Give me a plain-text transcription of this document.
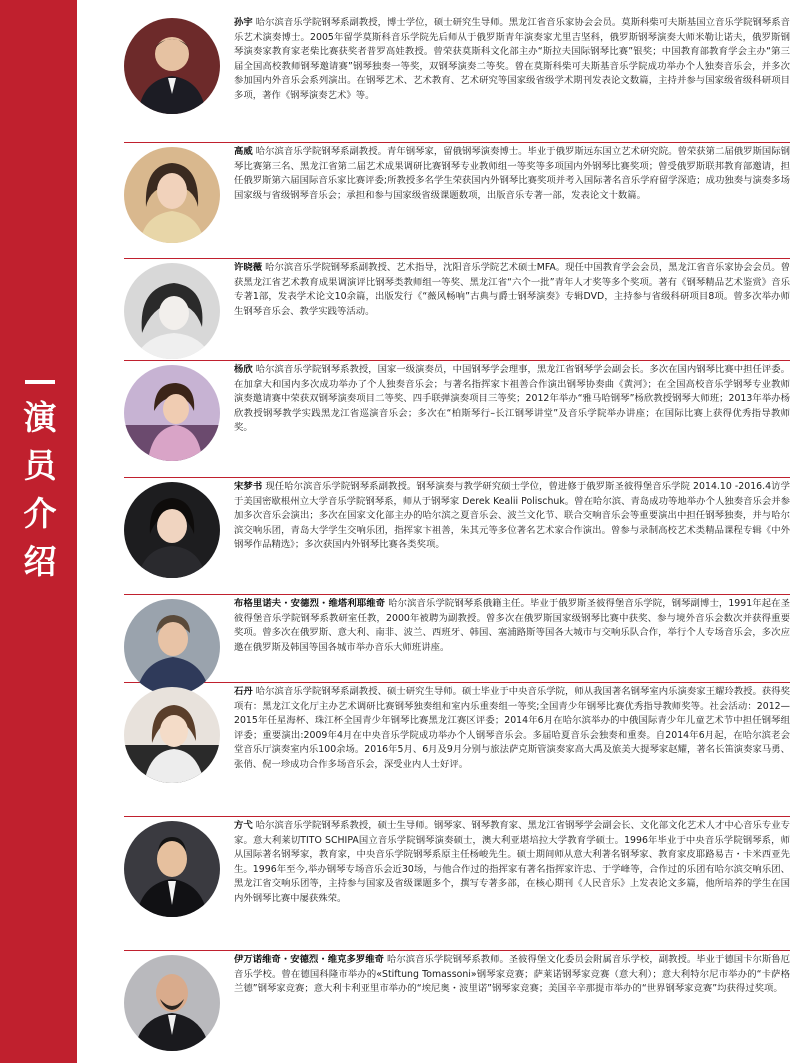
演
员
介
绍
孙宇 哈尔滨音乐学院钢琴系副教授，博士学位，硕士研究生导师。黑龙江省音乐家协会会员。莫斯科柴可夫斯基国立音乐学院钢琴系音乐艺术演奏博士。2005年留学莫斯科音乐学院先后师从于俄罗斯青年演奏家尤里吉坚科，俄罗斯钢琴演奏大师米勒让诺夫，俄罗斯钢琴演奏家教育家老柴比赛获奖者普罗高娃教授。曾荣获莫斯科文化部主办“斯拉夫国际钢琴比赛”银奖；中国教育部教育学会主办“第三届全国高校教师钢琴邀请赛”钢琴独奏一等奖，双钢琴演奏二等奖。曾在莫斯科柴可夫斯基音乐学院成功举办个人独奏音乐会，并多次参加国内外音乐会系列演出。在钢琴艺术、艺术教育、艺术研究等国家级省级学术期刊发表论文数篇，主持并参与国家级省级科研项目多项，著作《钢琴演奏艺术》等。
高威 哈尔滨音乐学院钢琴系副教授。青年钢琴家，留俄钢琴演奏博士。毕业于俄罗斯远东国立艺术研究院。曾荣获第二届俄罗斯国际钢琴比赛第三名、黑龙江省第二届艺术成果调研比赛钢琴专业教师组一等奖等多项国内外钢琴比赛奖项；曾受俄罗斯联邦教育部邀请，担任俄罗斯第六届国际音乐家比赛评委;所教授多名学生荣获国内外钢琴比赛奖项并考入国际著名音乐学府留学深造；成功独奏与演奏多场国家级与省级钢琴音乐会；承担和参与国家级省级课题数项，出版音乐专著一部，发表论文十数篇。
许晓薇 哈尔滨音乐学院钢琴系副教授、艺术指导，沈阳音乐学院艺术硕士MFA。现任中国教育学会会员，黑龙江省音乐家协会会员。曾获黑龙江省艺术教育成果调演评比钢琴类教师组一等奖、黑龙江省“六个一批”青年人才奖等多个奖项。著有《钢琴精品艺术鉴赏》音乐专著1部，发表学术论文10余篇，出版发行《“薇风畅响”古典与爵士钢琴演奏》专辑DVD，主持参与省级科研项目8项。曾多次举办师生钢琴音乐会、教学实践等活动。
杨欣 哈尔滨音乐学院钢琴系教授，国家一级演奏员，中国钢琴学会理事，黑龙江省钢琴学会副会长。多次在国内钢琴比赛中担任评委。在加拿大和国内多次成功举办了个人独奏音乐会；与著名指挥家卞祖善合作演出钢琴协奏曲《黄河》；在全国高校音乐学钢琴专业教师演奏邀请赛中荣获双钢琴演奏项目二等奖、四手联弹演奏项目三等奖；2012年举办“雅马哈钢琴”杨欣教授钢琴大师班；2013年举办杨欣教授钢琴教学实践黑龙江省巡演音乐会；多次在“柏斯琴行–长江钢琴讲堂”及音乐学院举办讲座；在国际比赛上获得优秀指导教师奖。
宋梦书 现任哈尔滨音乐学院钢琴系副教授。钢琴演奏与教学研究硕士学位，曾进修于俄罗斯圣彼得堡音乐学院 2014.10 -2016.4访学于美国密歇根州立大学音乐学院钢琴系，师从于钢琴家 Derek Kealii Polischuk。曾在哈尔滨、青岛成功等地举办个人独奏音乐会并参加多次音乐会演出；多次在国家文化部主办的哈尔滨之夏音乐会、波兰文化节、联合交响音乐会等重要演出中担任钢琴独奏，并与哈尔滨交响乐团，青岛大学学生交响乐团，指挥家卞祖善，朱其元等多位著名艺术家合作演出。曾参与录制高校艺术类精品课程专辑《中外钢琴作品精选》；多次获国内外钢琴比赛各类奖项。
布格里诺夫・安德烈・维塔利耶维奇 哈尔滨音乐学院钢琴系俄籍主任。毕业于俄罗斯圣彼得堡音乐学院，钢琴副博士，1991年起在圣彼得堡音乐学院钢琴系教研室任教，2000年被聘为副教授。曾多次在俄罗斯国家级钢琴比赛中获奖、参与境外音乐会数次并获得重要奖项。曾多次在俄罗斯、意大利、南非、波兰、西班牙、韩国、塞浦路斯等国各大城市与交响乐队合作，举行个人专场音乐会，多次应邀在俄罗斯及韩国等国各城市举办音乐大师班讲座。
石丹 哈尔滨音乐学院钢琴系副教授、硕士研究生导师。硕士毕业于中央音乐学院，师从我国著名钢琴室内乐演奏家王耀玲教授。获得奖项有：黑龙江文化厅主办艺术调研比赛钢琴独奏组和室内乐重奏组一等奖;全国青少年钢琴比赛优秀指导教师奖等。社会活动：2012—2015年任星海杯、珠江杯全国青少年钢琴比赛黑龙江赛区评委；2014年6月在哈尔滨举办的中俄国际青少年儿童艺术节中担任钢琴组评委；重要演出:2009年4月在中央音乐学院成功举办个人钢琴音乐会。多届哈夏音乐会独奏和重奏。自2014年6月起，在哈尔滨老会堂音乐厅演奏室内乐100余场。2016年5月、6月及9月分别与旅法萨克斯管演奏家高大禹及旅美大提琴家赵耀，著名长笛演奏家马勇、张俏、倪一珍成功合作多场音乐会，深受业内人士好评。
方弋 哈尔滨音乐学院钢琴系教授，硕士生导师。钢琴家、钢琴教育家、黑龙江省钢琴学会副会长、文化部文化艺术人才中心音乐专业专家。意大利莱切TITO SCHIPA国立音乐学院钢琴演奏硕士，澳大利亚堪培拉大学教育学硕士。1996年毕业于中央音乐学院钢琴系，师从国际著名钢琴家，教育家，中央音乐学院钢琴系原主任杨峻先生。硕士期间师从意大利著名钢琴家、教育家皮耶路易吉・卡米西亚先生。1996年至今,举办钢琴专场音乐会近30场，与他合作过的指挥家有著名指挥家许忠、于学峰等，合作过的乐团有哈尔滨交响乐团、黑龙江省交响乐团等，主持参与国家及省级课题多个，撰写专著多部，在核心期刊《人民音乐》上发表论文多篇，他所培养的学生在国内外钢琴比赛中屡获殊荣。
伊万诺维奇・安德烈・维克多罗维奇 哈尔滨音乐学院钢琴系教师。圣彼得堡文化委员会附属音乐学校，副教授。毕业于德国卡尔斯鲁厄音乐学校。曾在德国科隆市举办的«Stiftung Tomassoni»钢琴家竞赛；萨莱诺钢琴家竞赛（意大利）；意大利特尔尼市举办的“卡萨格兰德”钢琴家竞赛；意大利卡利亚里市举办的“埃尼奥・波里诺”钢琴家竞赛；美国辛辛那提市举办的“世界钢琴家竞赛”均获得过奖项。
